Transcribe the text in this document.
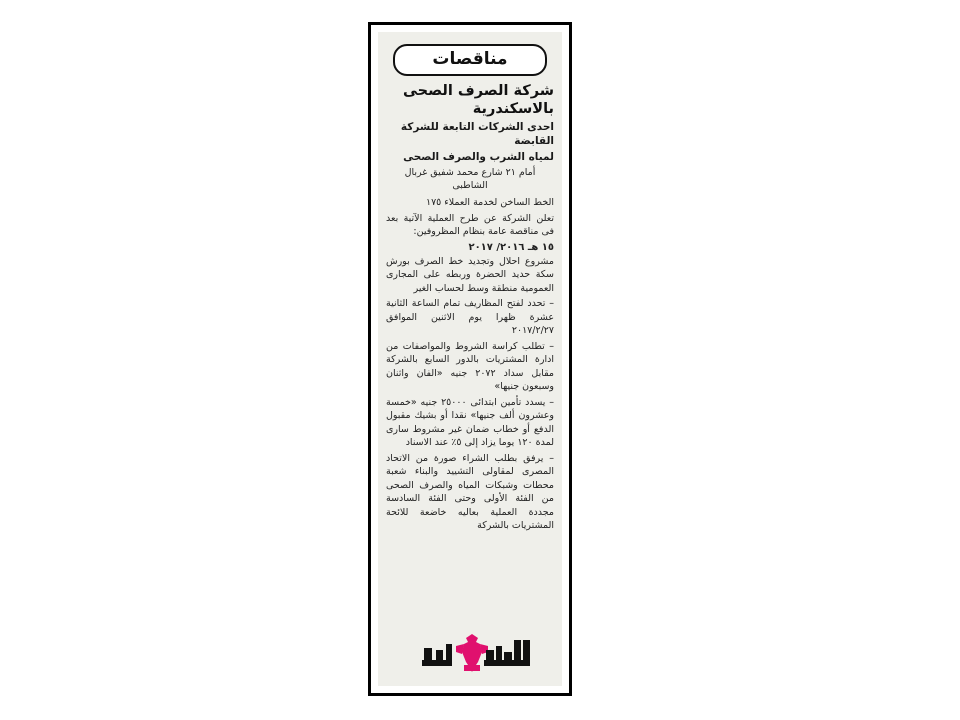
مناقصات

شركة الصرف الصحى

بالاسكندرية

احدى الشركات التابعة للشركة القابضة

لمياه الشرب والصرف الصحى

أمام ٢١ شارع محمد شفيق غربال الشاطبى

الخط الساخن لخدمة العملاء ١٧٥

تعلن الشركة عن طرح العملية الآتية بعد فى مناقصة عامة بنظام المظروفين:

١٥ هـ ٢٠١٦/ ٢٠١٧

مشروع احلال وتجديد خط الصرف بورش سكة حديد الحضرة وربطه على المجارى العمومية منطقة وسط لحساب الغير

– تحدد لفتح المظاريف تمام الساعة الثانية عشرة ظهرا يوم الاثنين الموافق ٢٠١٧/٢/٢٧

– تطلب كراسة الشروط والمواصفات من ادارة المشتريات بالدور السابع بالشركة مقابل سداد ٢٠٧٢ جنيه «الفان واثنان وسبعون جنيها»

– يسدد تأمين ابتدائى ٢٥٠٠٠ جنيه «خمسة وعشرون ألف جنيها» نقدا أو بشيك مقبول الدفع أو خطاب ضمان غير مشروط سارى لمدة ١٢٠ يوما يزاد إلى ٥٪ عند الاسناد

– يرفق بطلب الشراء صورة من الاتحاد المصرى لمقاولى التشييد والبناء شعبة محطات وشبكات المياه والصرف الصحى من الفئة الأولى وحتى الفئة السادسة مجددة العملية بعاليه خاضعة للائحة المشتريات بالشركة
